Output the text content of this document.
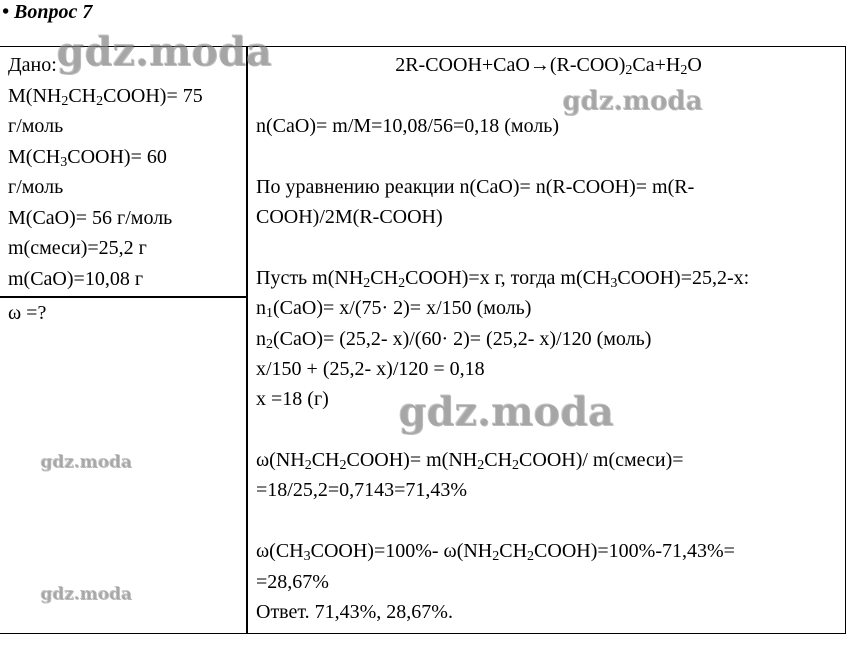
• Вопрос 7
Дано:
$M(NH_2CH_2COOH)= 75$
г/моль
$M(CH_3COOH)= 60$
г/моль
M(CaO)= 56 г/моль
m(смеси)=25,2 г
m(CaO)=10,08 г
ω =?
$2R-COOH+CaO\to(R-COO)_2Ca+H_2O$
n(CaO)= m/M=10,08/56=0,18 (моль)
По уравнению реакции n(CaO)= n(R-COOH)= m(R-
COOH)/2M(R-COOH)
Пусть $m(NH_2CH_2COOH)=x$ г, тогда $m(CH_3COOH)=25,2-x$:
$n_1(CaO)= x/(75\cdot 2)= x/150$ (моль)
$n_2(CaO)= (25,2-$ x)/(60· 2)= (25,2- x)/120 (моль)
x/150 + (25,2- x)/120 = 0,18
x =18 (г)
$\omega(NH_2CH_2COOH)=$ $m(NH_2CH_2COOH)/$ m(смеси)=
=18/25,2=0,7143=71,43%
$\omega(CH_3COOH)=100\%-$ $\omega(NH_2CH_2COOH)=100\%-71,43\%=$
=28,67%
Ответ. 71,43%, 28,67%.
gdz.moda
gdz.moda
gdz.moda
gdz.moda
gdz.moda
